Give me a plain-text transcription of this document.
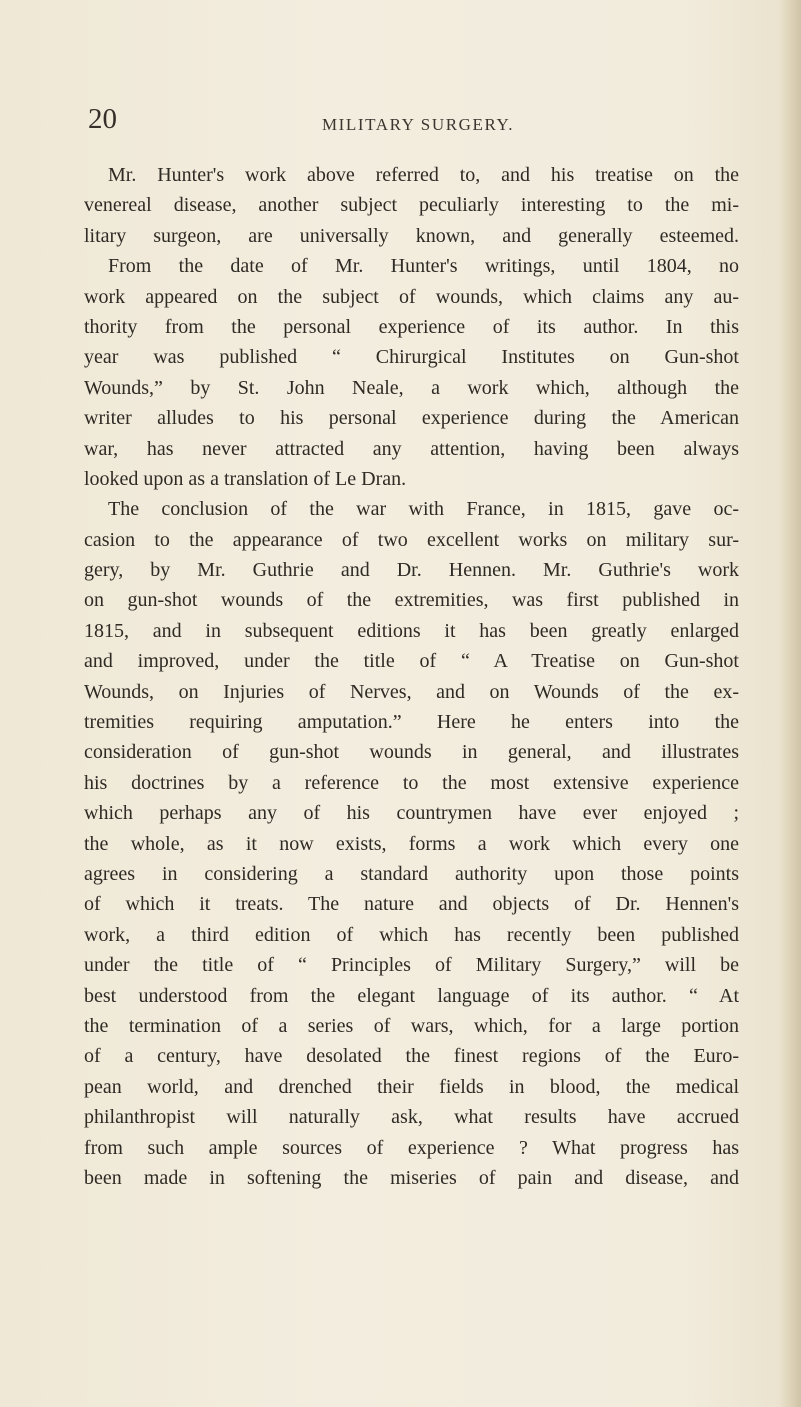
20	MILITARY SURGERY.
Mr. Hunter's work above referred to, and his treatise on the
venereal disease, another subject peculiarly interesting to the mi-
litary surgeon, are universally known, and generally esteemed.
From the date of Mr. Hunter's writings, until 1804, no
work appeared on the subject of wounds, which claims any au-
thority from the personal experience of its author. In this
year was published “ Chirurgical Institutes on Gun-shot
Wounds,” by St. John Neale, a work which, although the
writer alludes to his personal experience during the American
war, has never attracted any attention, having been always
looked upon as a translation of Le Dran.
The conclusion of the war with France, in 1815, gave oc-
casion to the appearance of two excellent works on military sur-
gery, by Mr. Guthrie and Dr. Hennen. Mr. Guthrie's work
on gun-shot wounds of the extremities, was first published in
1815, and in subsequent editions it has been greatly enlarged
and improved, under the title of “ A Treatise on Gun-shot
Wounds, on Injuries of Nerves, and on Wounds of the ex-
tremities requiring amputation.” Here he enters into the
consideration of gun-shot wounds in general, and illustrates
his doctrines by a reference to the most extensive experience
which perhaps any of his countrymen have ever enjoyed ;
the whole, as it now exists, forms a work which every one
agrees in considering a standard authority upon those points
of which it treats. The nature and objects of Dr. Hennen's
work, a third edition of which has recently been published
under the title of “ Principles of Military Surgery,” will be
best understood from the elegant language of its author. “ At
the termination of a series of wars, which, for a large portion
of a century, have desolated the finest regions of the Euro-
pean world, and drenched their fields in blood, the medical
philanthropist will naturally ask, what results have accrued
from such ample sources of experience ? What progress has
been made in softening the miseries of pain and disease, and
